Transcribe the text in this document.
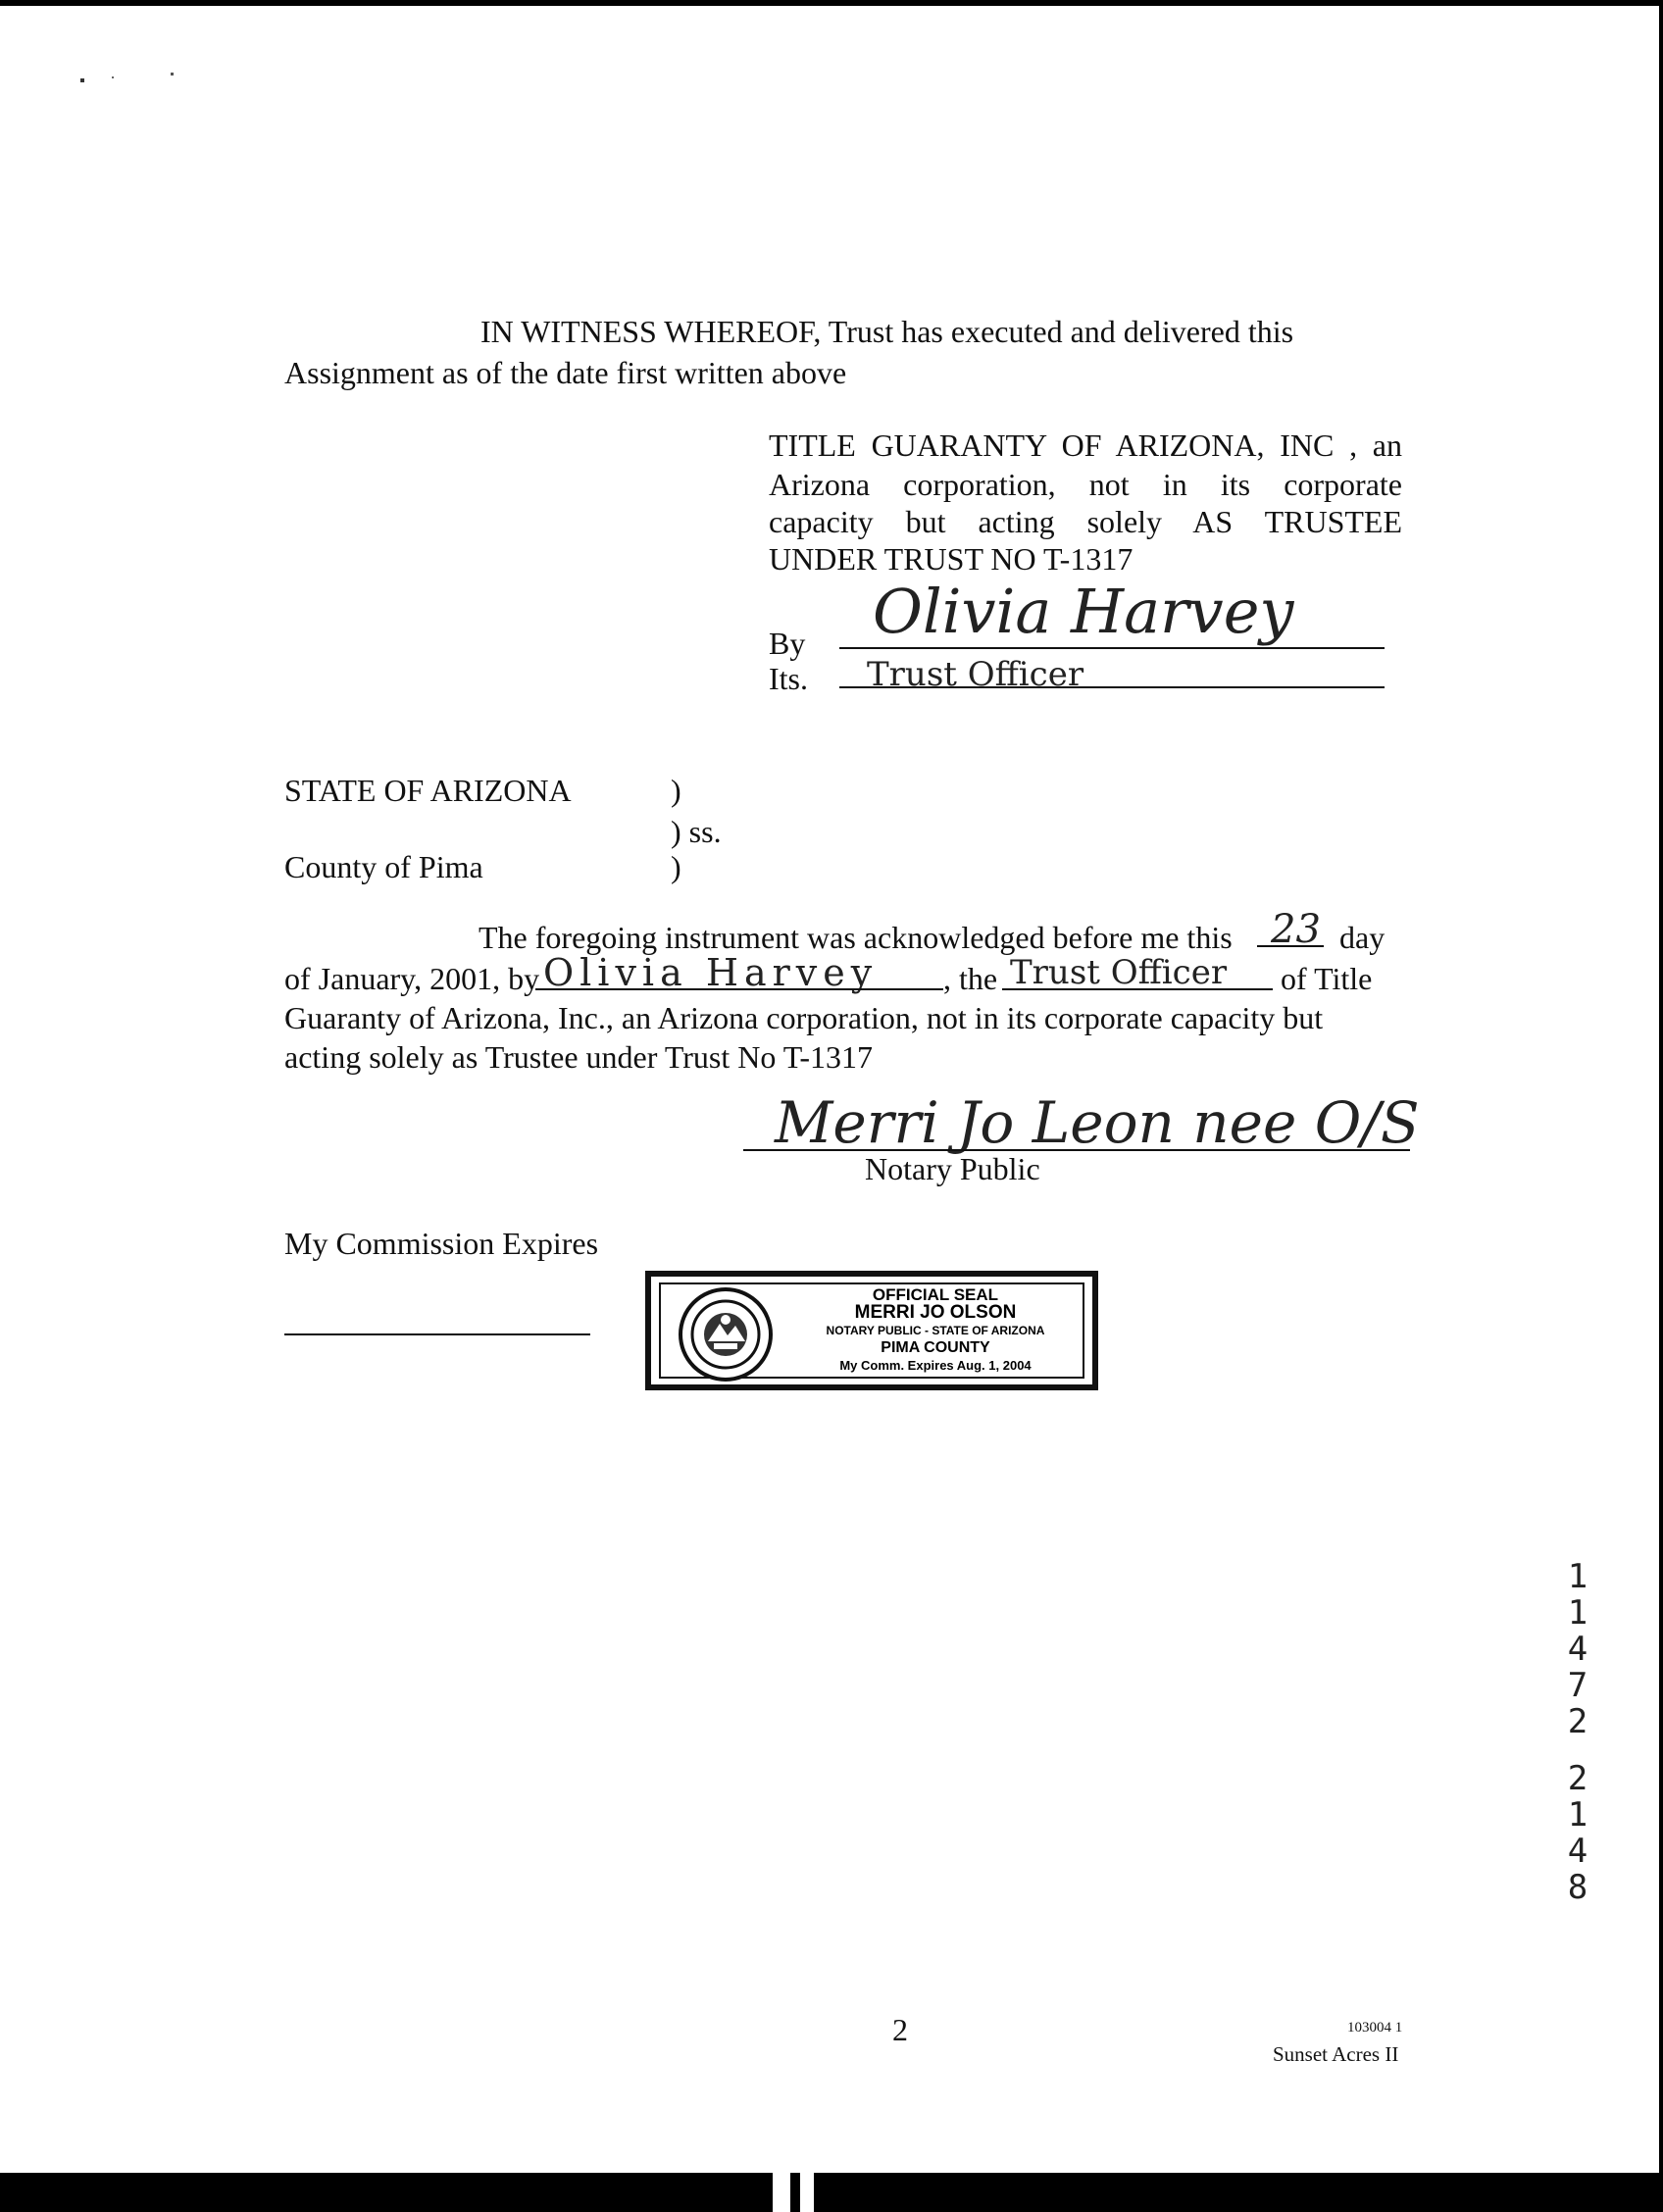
IN WITNESS WHEREOF, Trust has executed and delivered this
Assignment as of the date first written above
TITLE GUARANTY OF ARIZONA, INC , an
Arizona corporation, not in its corporate
capacity but acting solely AS TRUSTEE
UNDER TRUST NO T-1317
By Olivia Harvey
Its. Trust Officer
STATE OF ARIZONA	)
) ss.
County of Pima	)
The foregoing instrument was acknowledged before me this 23 day
of January, 2001, by Olivia Harvey , the Trust Officer of Title
Guaranty of Arizona, Inc., an Arizona corporation, not in its corporate capacity but
acting solely as Trustee under Trust No T-1317
Merri Jo Leon nee O/S
Notary Public
My Commission Expires
OFFICIAL SEAL
MERRI JO OLSON
NOTARY PUBLIC - STATE OF ARIZONA
PIMA COUNTY
My Comm. Expires Aug. 1, 2004
1
1
4
7
2
2
1
4
8
2	103004 1
Sunset Acres II
